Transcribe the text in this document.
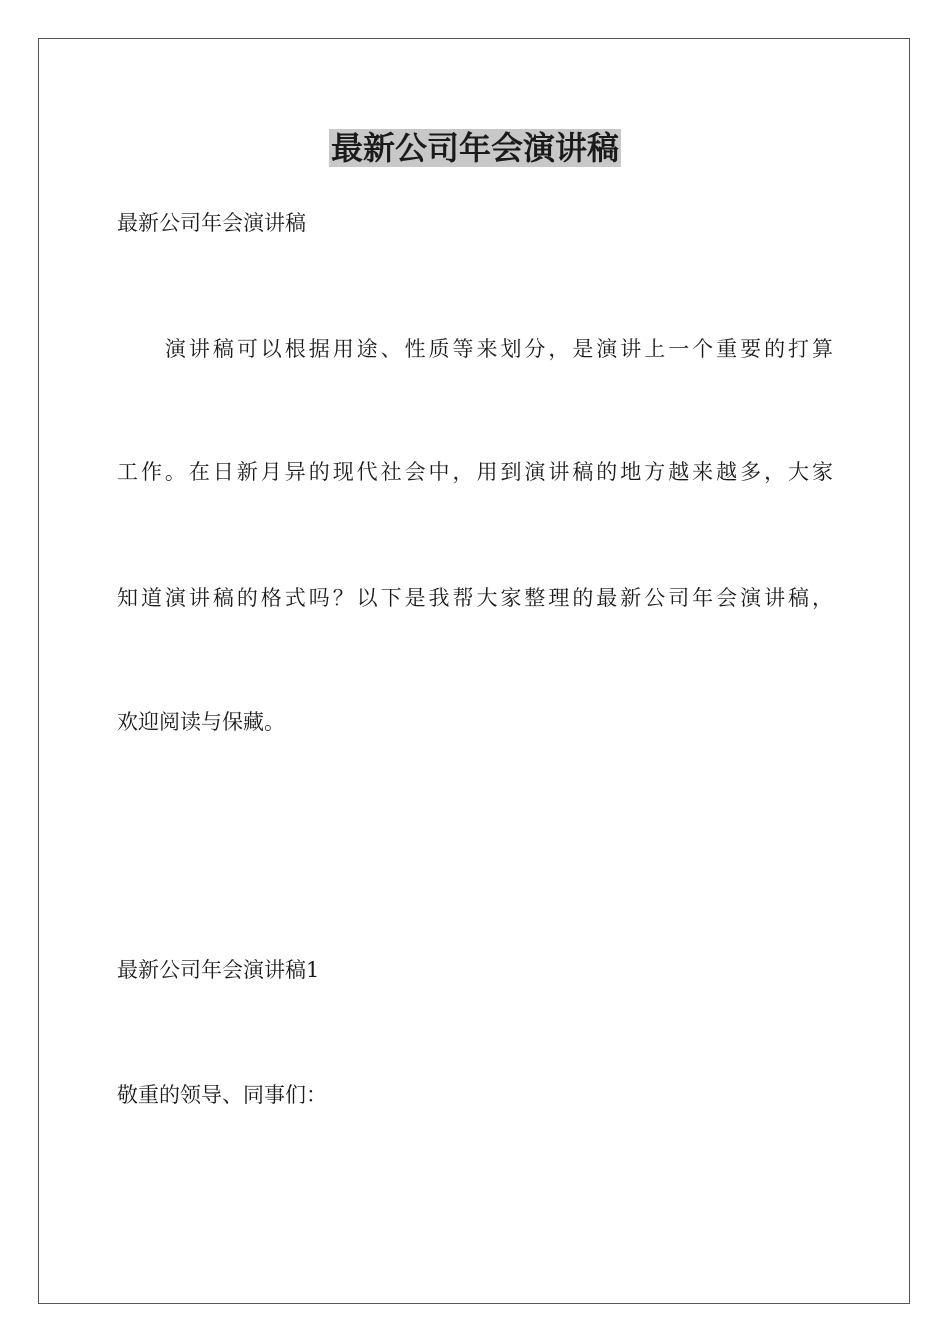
最新公司年会演讲稿
最新公司年会演讲稿
　　演讲稿可以根据用途、性质等来划分，是演讲上一个重要的打算
工作。在日新月异的现代社会中，用到演讲稿的地方越来越多，大家
知道演讲稿的格式吗？以下是我帮大家整理的最新公司年会演讲稿，
欢迎阅读与保藏。
最新公司年会演讲稿1
敬重的领导、同事们：
